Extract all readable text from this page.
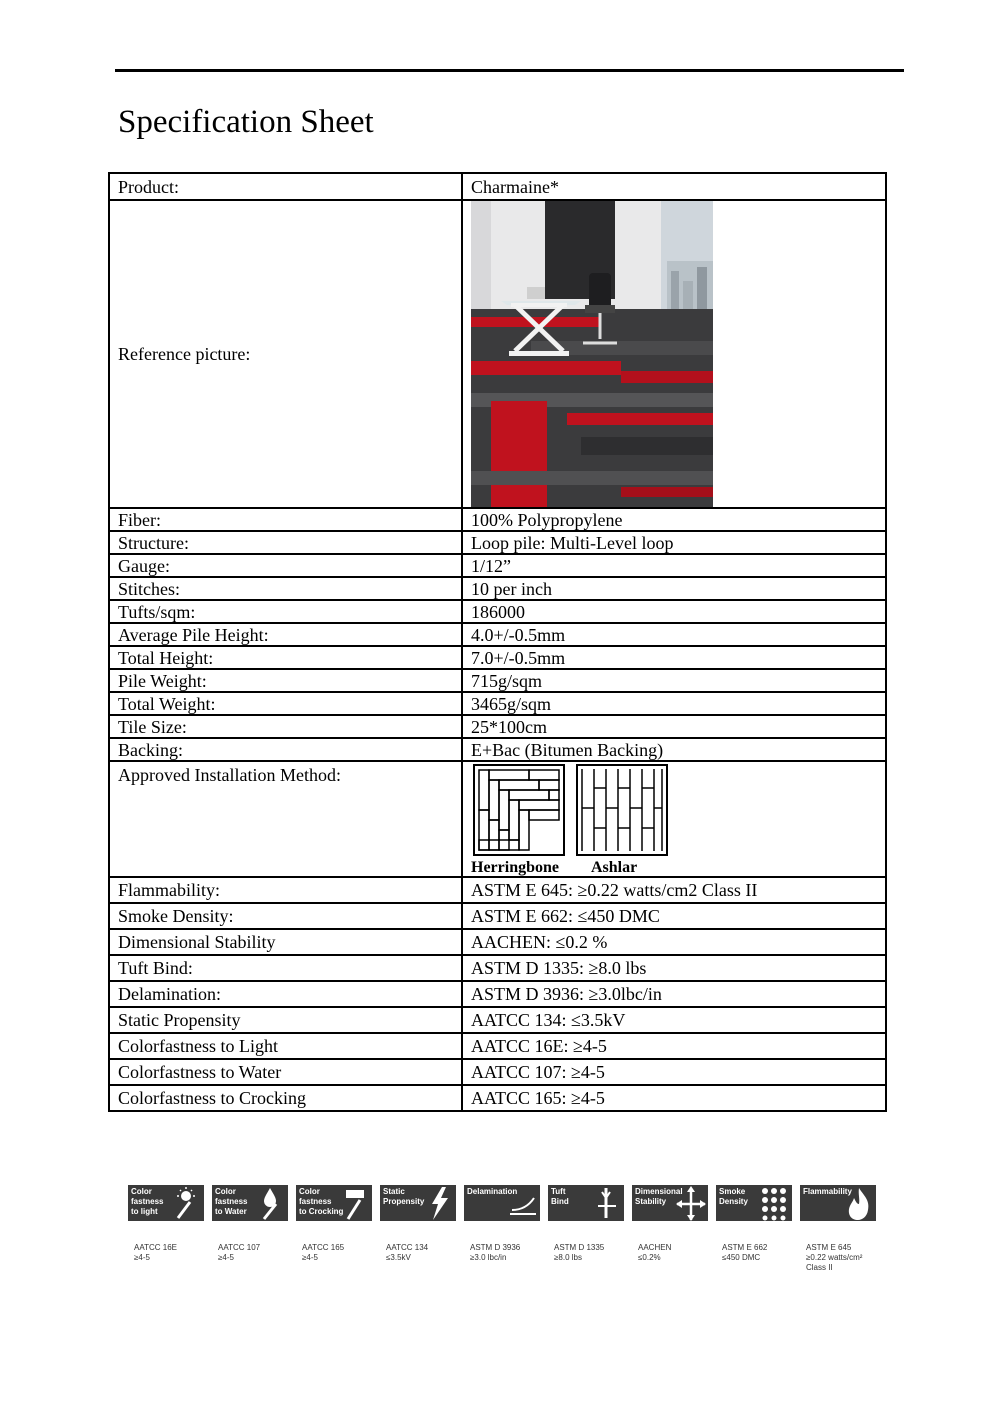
Specification Sheet
Product:	Charmaine*
Reference picture:	

Fiber:	100% Polypropylene
Structure:	Loop pile: Multi-Level loop
Gauge:	1/12”
Stitches:	10 per inch
Tufts/sqm:	186000
Average Pile Height:	4.0+/-0.5mm
Total Height:	7.0+/-0.5mm
Pile Weight:	715g/sqm
Total Weight:	3465g/sqm
Tile Size:	25*100cm
Backing:	E+Bac (Bitumen Backing)
Approved Installation Method:	Herringbone Ashlar

Flammability:	ASTM E 645: ≥0.22 watts/cm2 Class II
Smoke Density:	ASTM E 662: ≤450 DMC
Dimensional Stability	AACHEN: ≤0.2 %
Tuft Bind:	ASTM D 1335: ≥8.0 lbs
Delamination:	ASTM D 3936: ≥3.0lbc/in
Static Propensity	AATCC 134: ≤3.5kV
Colorfastness to Light	AATCC 16E: ≥4-5
Colorfastness to Water	AATCC 107: ≥4-5
Colorfastness to Crocking	AATCC 165: ≥4-5
Color
fastness
to light
AATCC 16E
≥4-5
Color
fastness
to Water
AATCC 107
≥4-5
Color
fastness
to Crocking
AATCC 165
≥4-5
Static
Propensity
AATCC 134
≤3.5kV
Delamination
ASTM D 3936
≥3.0 lbc/in
Tuft
Bind
ASTM D 1335
≥8.0 lbs
Dimensional
Stability
AACHEN
≤0.2%
Smoke
Density
ASTM E 662
≤450 DMC
Flammability
ASTM E 645
≥0.22 watts/cm²
Class II
